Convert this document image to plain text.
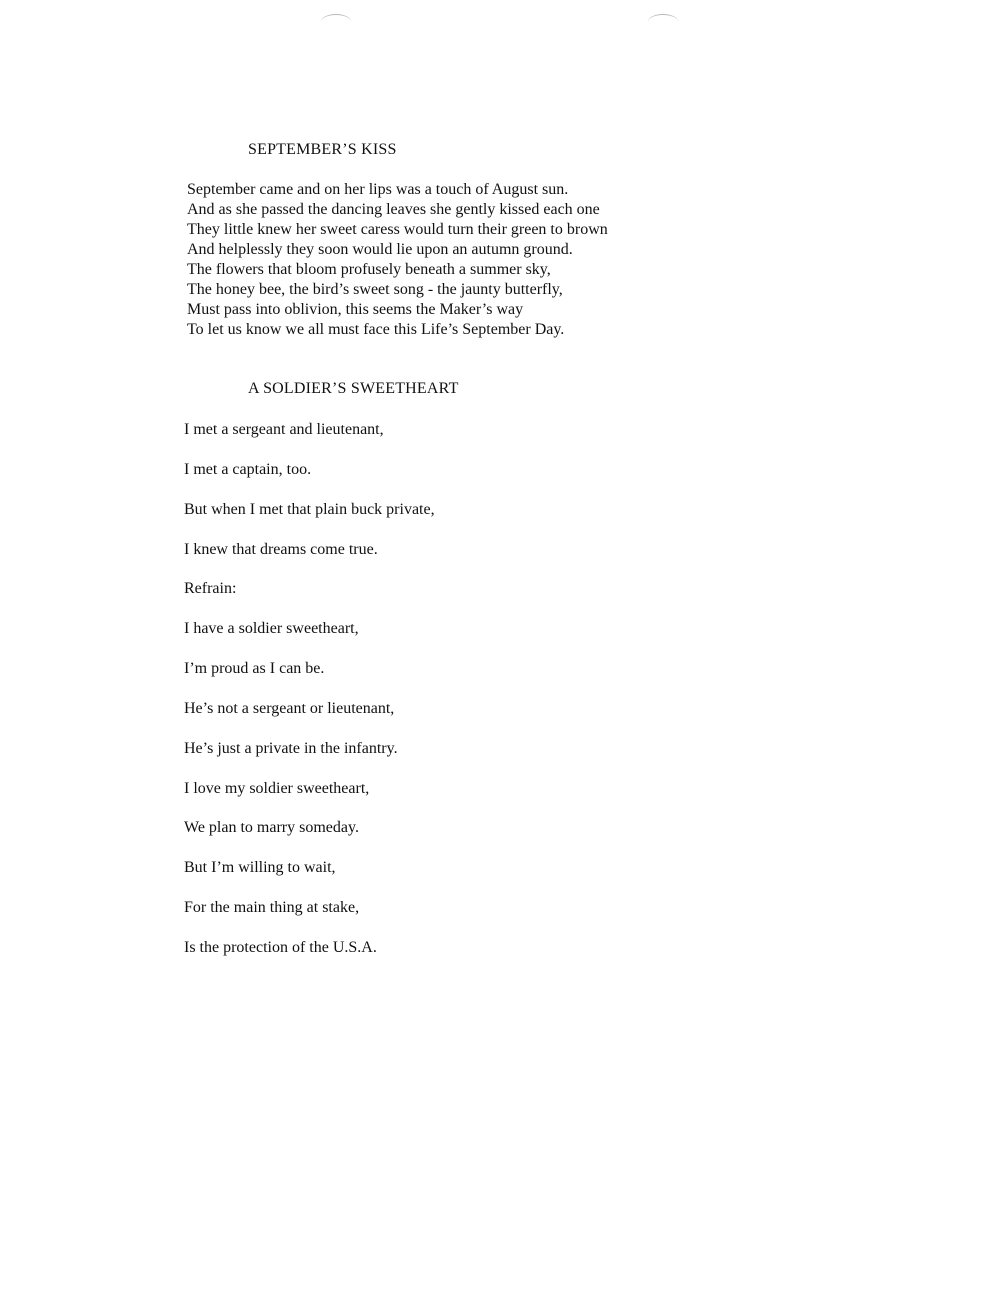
SEPTEMBER’S KISS
September came and on her lips was a touch of August sun.
And as she passed the dancing leaves she gently kissed each one
They little knew her sweet caress would turn their green to brown
And helplessly they soon would lie upon an autumn ground.
The flowers that bloom profusely beneath a summer sky,
The honey bee, the bird’s sweet song - the jaunty butterfly,
Must pass into oblivion, this seems the Maker’s way
To let us know we all must face this Life’s September Day.
A SOLDIER’S SWEETHEART
I met a sergeant and lieutenant,
I met a captain, too.
But when I met that plain buck private,
I knew that dreams come true.
Refrain:
I have a soldier sweetheart,
I’m proud as I can be.
He’s not a sergeant or lieutenant,
He’s just a private in the infantry.
I love my soldier sweetheart,
We plan to marry someday.
But I’m willing to wait,
For the main thing at stake,
Is the protection of the U.S.A.
